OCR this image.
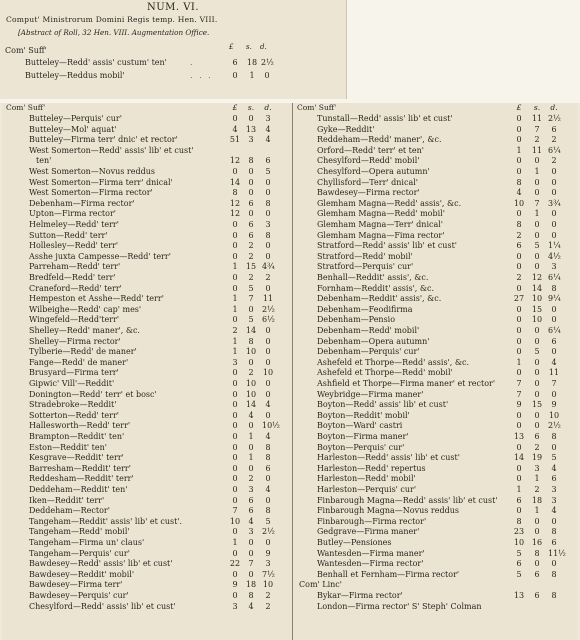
NUM. VI.
Comput' Ministrorum Domini Regis temp. Hen. VIII.
[Abstract of Roll, 32 Hen. VIII. Augmentation Office.
£ s. d.
Com' Suff'
Butteley—Redd' assis' custum' ten'	.	6	18 2½
Butteley—Reddus mobil'	. . .	0	1	0
Com' Suff'	£	s.	d.
Butteley—Perquis' cur'	0	0	3
Butteley—Mol' aquat'	4	13	4
Butteley—Firma terr' dnic' et rector'	51	3	4
West Somerton—Redd' assis' lib' et cust'
ten'	12	8	6
West Somerton—Novus reddus	0	0	5
West Somerton—Firma terr' dnical'	14	0	0
West Somerton—Firma rector'	8	0	0
Debenham—Firma rector'	12	6	8
Upton—Firma rector'	12	0	0
Helmeley—Redd' terr'	0	6	3
Sutton—Redd' terr'	0	6	8
Hollesley—Redd' terr'	0	2	0
Asshe juxta Campesse—Redd' terr'	0	2	0
Parreham—Redd' terr'	1	15 4¾
Bredfeld—Redd' terr'	0	2	2
Craneford—Redd' terr'	0	5	0
Hempeston et Asshe—Redd' terr'	1	7	11
Wilbeighe—Redd' cap' mes'	1	0	2½
Wingefeld—Redd'terr'	0	5	6½
Shelley—Redd' maner', &c.	2	14	0
Shelley—Firma rector'	1	8	0
Tylberie—Redd' de maner'	1	10	0
Fange—Redd' de maner'	3	0	0
Brusyard—Firma terr'	0	2	10
Gipwic' Vill'—Reddit'	0	10	0
Donington—Redd' terr' et bosc'	0	10	0
Stradebroke—Reddit'	0	14	4
Sotterton—Redd' terr'	0	4	0
Hallesworth—Redd' terr'	0	0	10½
Brampton—Reddit' ten'	0	1	4
Eston—Reddit' ten'	0	0	8
Kesgrave—Reddit' terr'	0	1	8
Barresham—Reddit' terr'	0	0	6
Reddesham—Reddit' terr'	0	2	0
Deddeham—Reddit' ten'	0	3	4
Iken—Reddit' terr'	0	6	0
Deddeham—Rector'	7	6	8
Tangeham—Reddit' assis' lib' et cust'.	10	4	5
Tangeham—Redd' mobil'	0	3	2½
Tangeham—Firma un' claus'	1	0	0
Tangeham—Perquis' cur'	0	0	9
Bawdesey—Redd' assis' lib' et cust'	22	7	3
Bawdesey—Reddit' mobil'	0	0	7½
Bawdesey—Firma terr'	9	18 10
Bawdesey—Perquis' cur'	0	8	2
Chesylford—Redd' assis' lib' et cust'	3	4	2
Com' Suff'	£	s.	d.
Tunstall—Redd' assis' lib' et cust'	0	11 2½
Gyke—Reddit'	0	7	6
Reddeham—Redd' maner', &c.	0	2	2
Orford—Redd' terr' et ten'	1	11 6¼
Chesylford—Redd' mobil'	0	0	2
Chesylford—Opera autumn'	0	1	0
Chyllisford—Terr' dnical'	8	0	0
Bawdesey—Firma rector'	4	0	0
Glemham Magna—Redd' assis', &c.	10	7	3¾
Glemham Magna—Redd' mobil'	0	1	0
Glemham Magna—Terr' dnical'	8	0	0
Glemham Magna—Fima rector'	2	0	0
Stratford—Redd' assis' lib' et cust'	6	5	1¼
Stratford—Redd' mobil'	0	0	4½
Stratford—Perquis' cur'	0	0	3
Benhall—Reddit' assis', &c.	2	12 6¼
Fornham—Reddit' assis', &c.	0	14	8
Debenham—Reddit' assis', &c.	27 10 9¼
Debenham—Feodifirma	0	15	0
Debenham—Pensio	0	10	0
Debenham—Redd' mobil'	0	0	6¼
Debenham—Opera autumn'	0	0	6
Debenham—Perquis' cur'	0	5	0
Ashefeld et Thorpe—Redd' assis', &c.	1	0	4
Ashefeld et Thorpe—Redd' mobil'	0	0	11
Ashfield et Thorpe—Firma maner' et rector'	7	0	7
Weybridge—Firma maner'	7	0	0
Boyton—Redd' assis' lib' et cust'	9	15	9
Boyton—Reddit' mobil'	0	0	10
Boyton—Ward' castri	0	0	2½
Boyton—Firma maner'	13	6	8
Boyton—Perquis' cur'	0	2	0
Harleston—Redd' assis' lib' et cust'	14 19	5
Harleston—Redd' repertus	0	3	4
Harleston—Redd' mobil'	0	1	6
Harleston—Perquis' cur'	1	2	3
Finbarough Magna—Redd' assis' lib' et cust'	6	18	3
Finbarough Magna—Novus reddus	0	1	4
Finbarough—Firma rector'	8	0	0
Gedgrave—Firma maner'	23	0	8
Butley—Pensiones	10 16	6
Wantesden—Firma maner'	5	8	11½
Wantesden—Firma rector'	6	0	0
Benhall et Fernham—Firma rector'	5	6	8
Com' Linc'
Bykar—Firma rector'	13	6	8
London—Firma rector' S' Steph' Colman
